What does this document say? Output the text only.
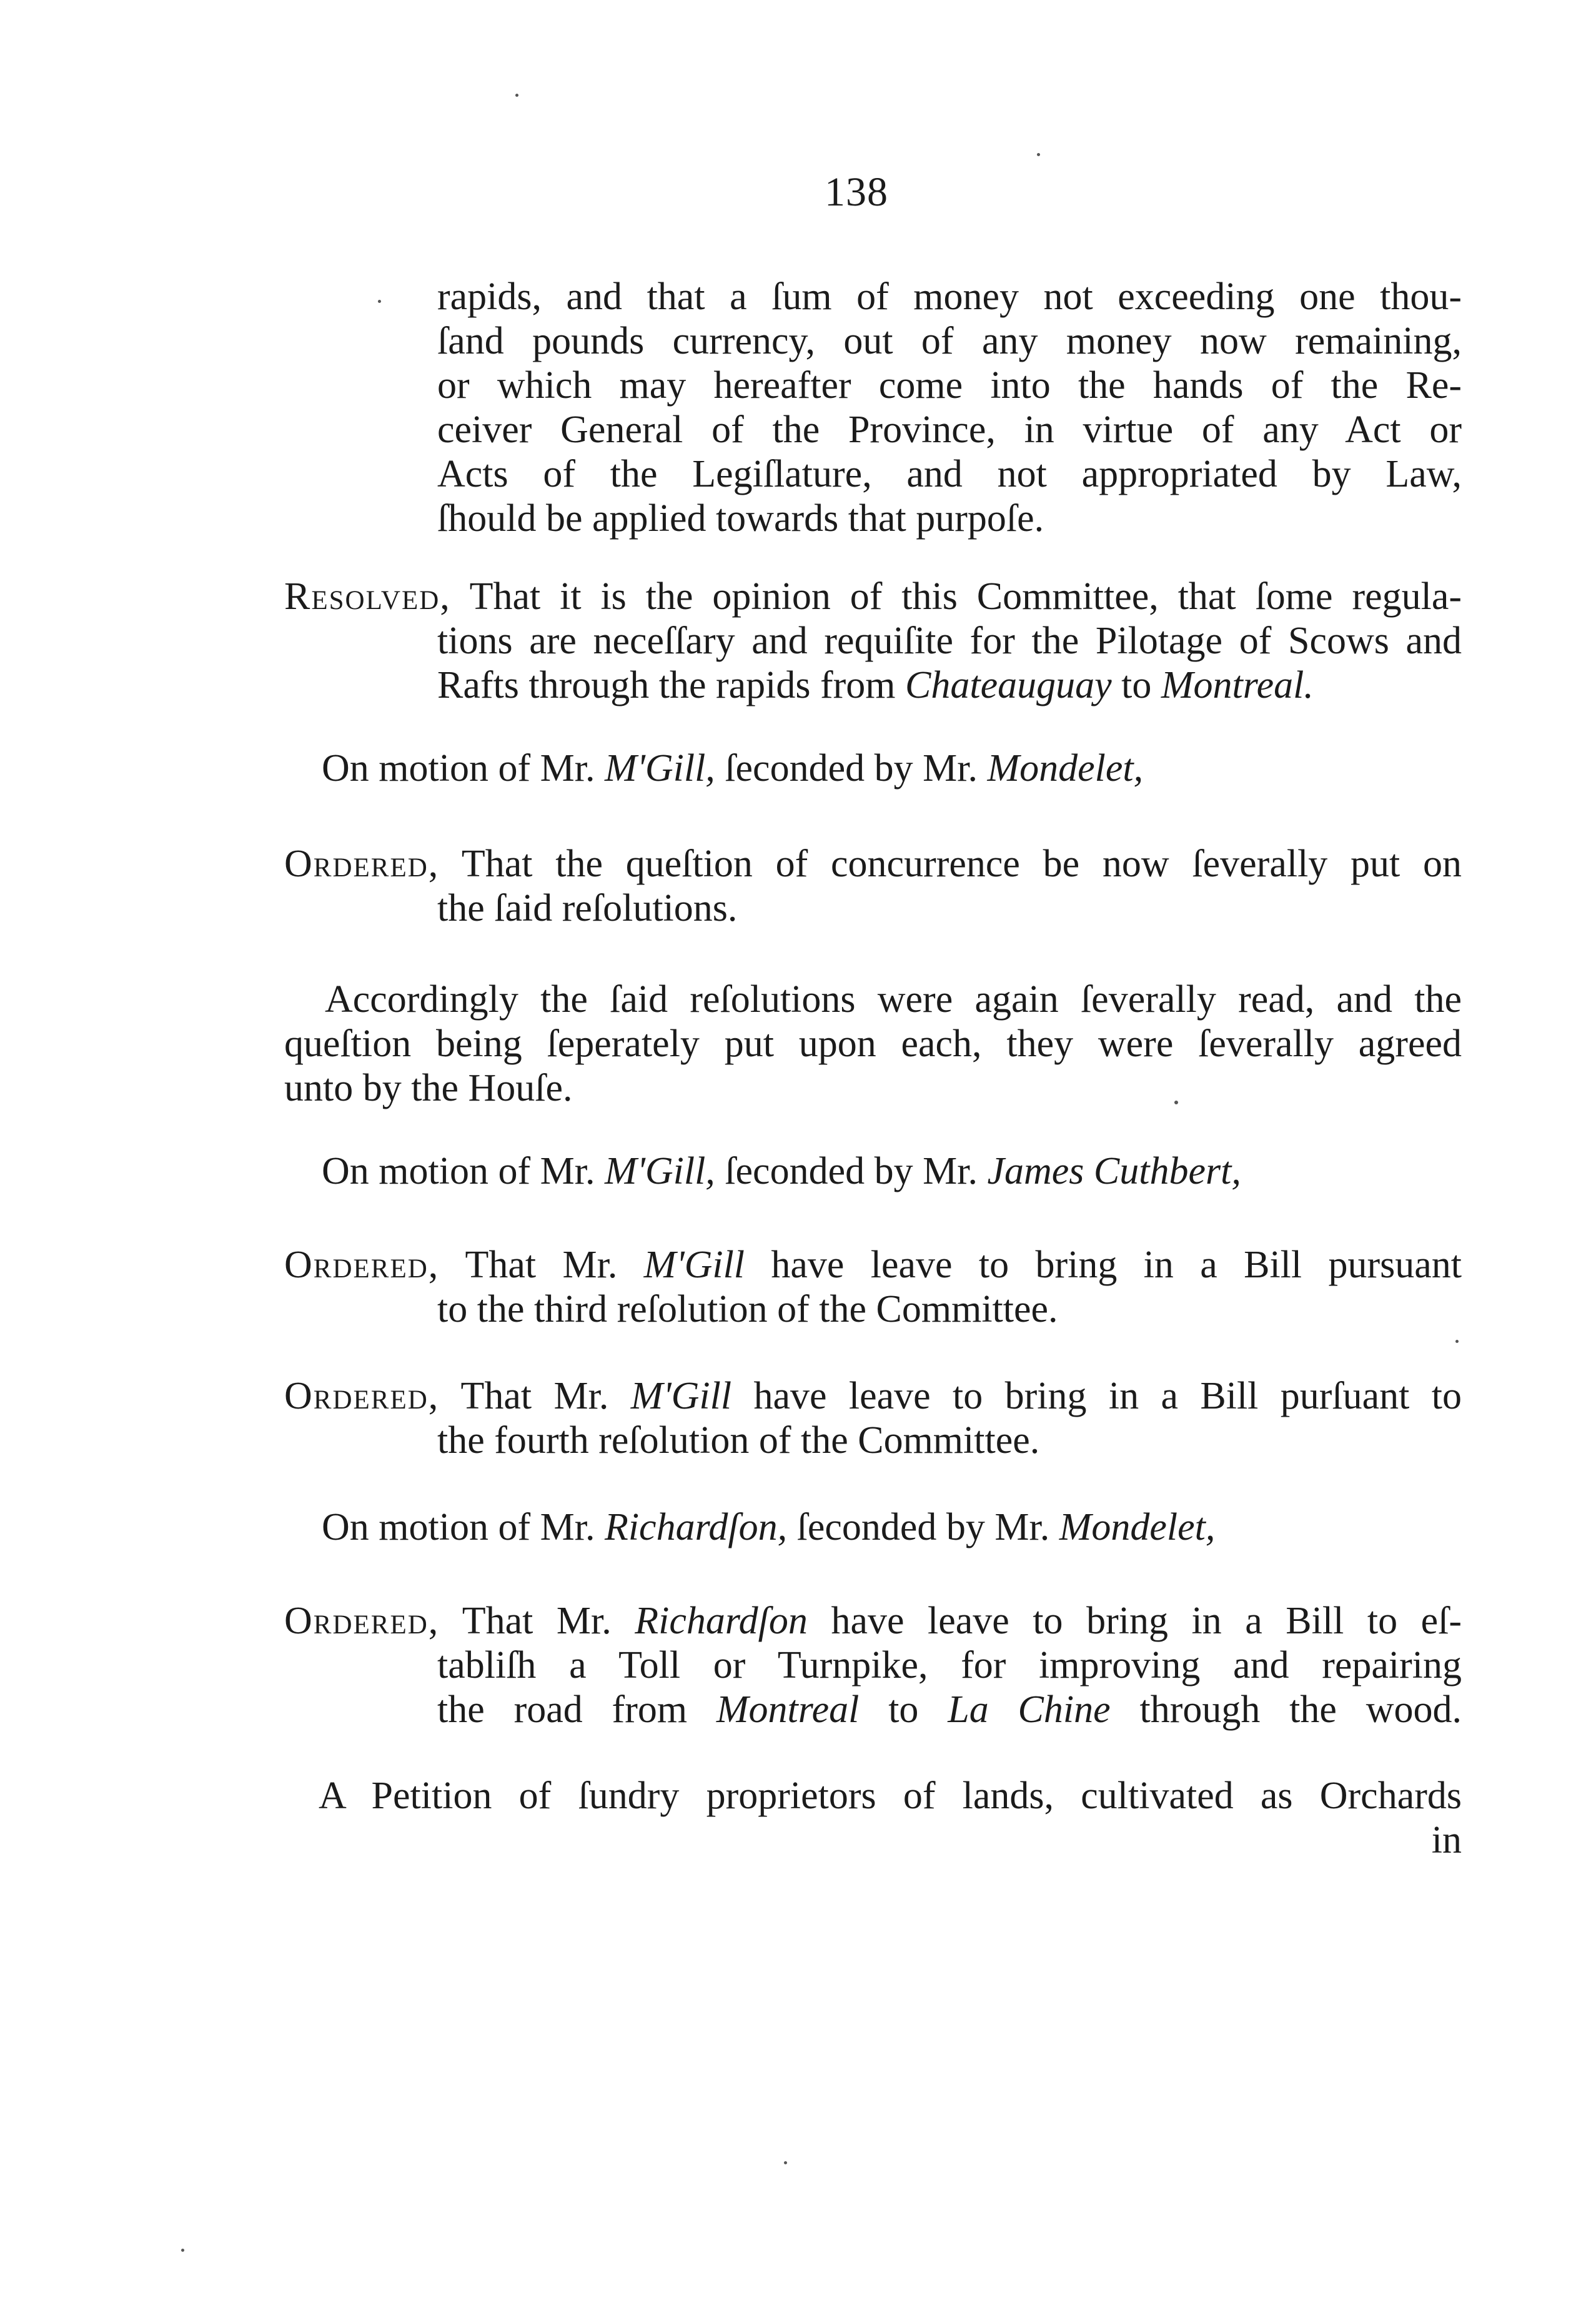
138
rapids, and that a ſum of money not exceeding one thou-
ſand pounds currency, out of any money now remaining,
or which may hereafter come into the hands of the Re-
ceiver General of the Province, in virtue of any Act or
Acts of the Legiſlature, and not appropriated by Law,
ſhould be applied towards that purpoſe.
Resolved, That it is the opinion of this Committee, that ſome regula-
tions are neceſſary and requiſite for the Pilotage of Scows and
Rafts through the rapids from Chateauguay to Montreal.
On motion of Mr. M'Gill, ſeconded by Mr. Mondelet,
Ordered, That the queſtion of concurrence be now ſeverally put on
the ſaid reſolutions.
Accordingly the ſaid reſolutions were again ſeverally read, and the
queſtion being ſeperately put upon each, they were ſeverally agreed
unto by the Houſe.
On motion of Mr. M'Gill, ſeconded by Mr. James Cuthbert,
Ordered, That Mr. M'Gill have leave to bring in a Bill pursuant
to the third reſolution of the Committee.
Ordered, That Mr. M'Gill have leave to bring in a Bill purſuant to
the fourth reſolution of the Committee.
On motion of Mr. Richardſon, ſeconded by Mr. Mondelet,
Ordered, That Mr. Richardſon have leave to bring in a Bill to eſ-
tabliſh a Toll or Turnpike, for improving and repairing
the road from Montreal to La Chine through the wood.
A Petition of ſundry proprietors of lands, cultivated as Orchards
in
